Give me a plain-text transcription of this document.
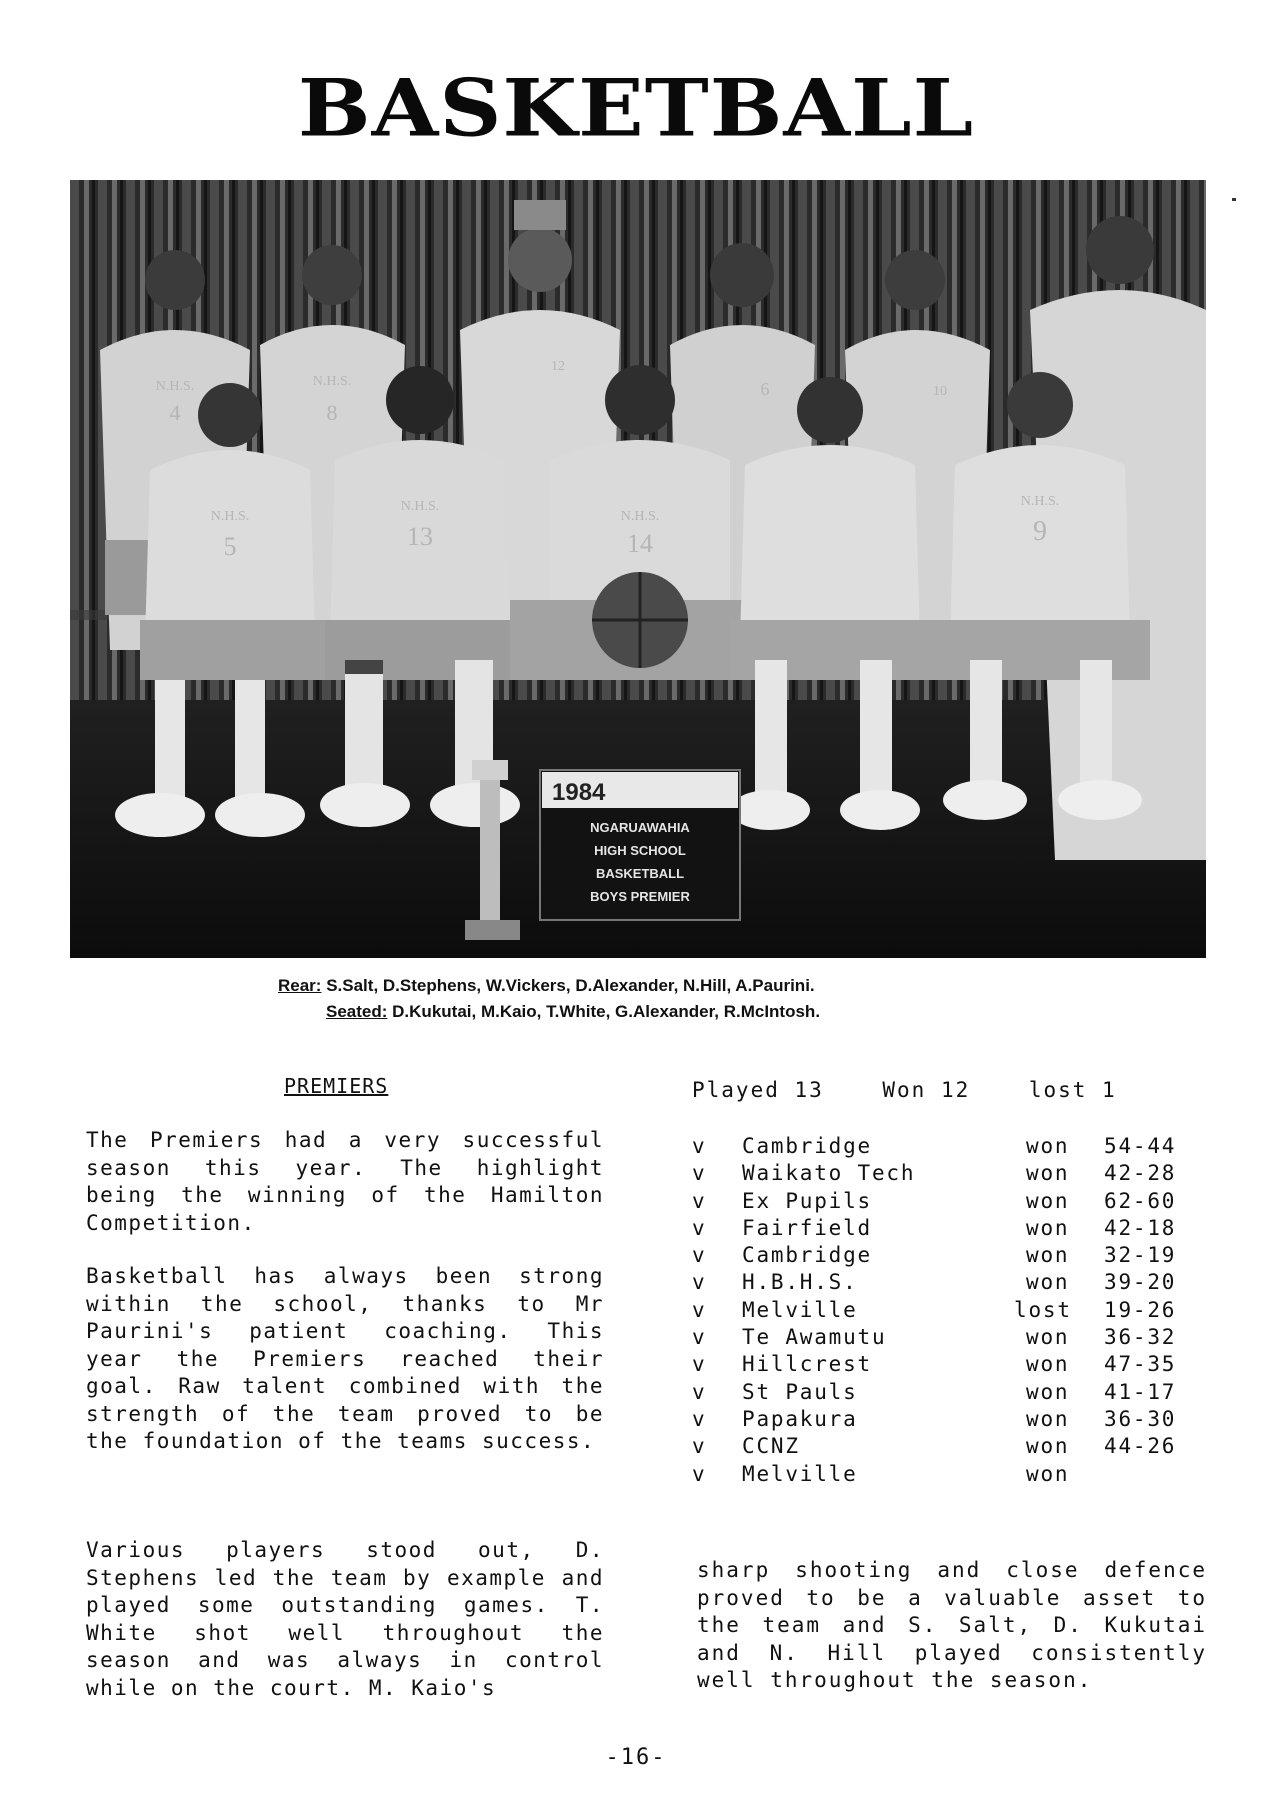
BASKETBALL
N.H.S.
4
N.H.S.
8
12
6	10
N.H.S.
5
N.H.S.
13
N.H.S.
14
N.H.S.
9
1984
NGARUAWAHIA
HIGH SCHOOL
BASKETBALL
BOYS PREMIER
Rear: S.Salt, D.Stephens, W.Vickers, D.Alexander, N.Hill, A.Paurini.
Seated: D.Kukutai, M.Kaio, T.White, G.Alexander, R.McIntosh.
PREMIERS	Played 13	Won 12	lost 1

The Premiers had a very successful season this year. The highlight being the winning of the Hamilton Competition.

Basketball has always been strong within the school, thanks to Mr Paurini's patient coaching. This year the Premiers reached their goal. Raw talent combined with the strength of the team proved to be the foundation of the teams success.

Various players stood out, D. Stephens led the team by example and played some outstanding games. T. White shot well throughout the season and was always in control while on the court. M. Kaio's

v Cambridge	won	54-44
v Waikato Tech	won	42-28
v Ex Pupils	won	62-60
v Fairfield	won	42-18
v Cambridge	won	32-19
v H.B.H.S.	won	39-20
v Melville	lost	19-26
v Te Awamutu	won	36-32
v Hillcrest	won	47-35
v St Pauls	won	41-17
v Papakura	won	36-30
v CCNZ	won	44-26
v Melville	won

sharp shooting and close defence proved to be a valuable asset to the team and S. Salt, D. Kukutai and N. Hill played consistently well throughout the season.

-16-
